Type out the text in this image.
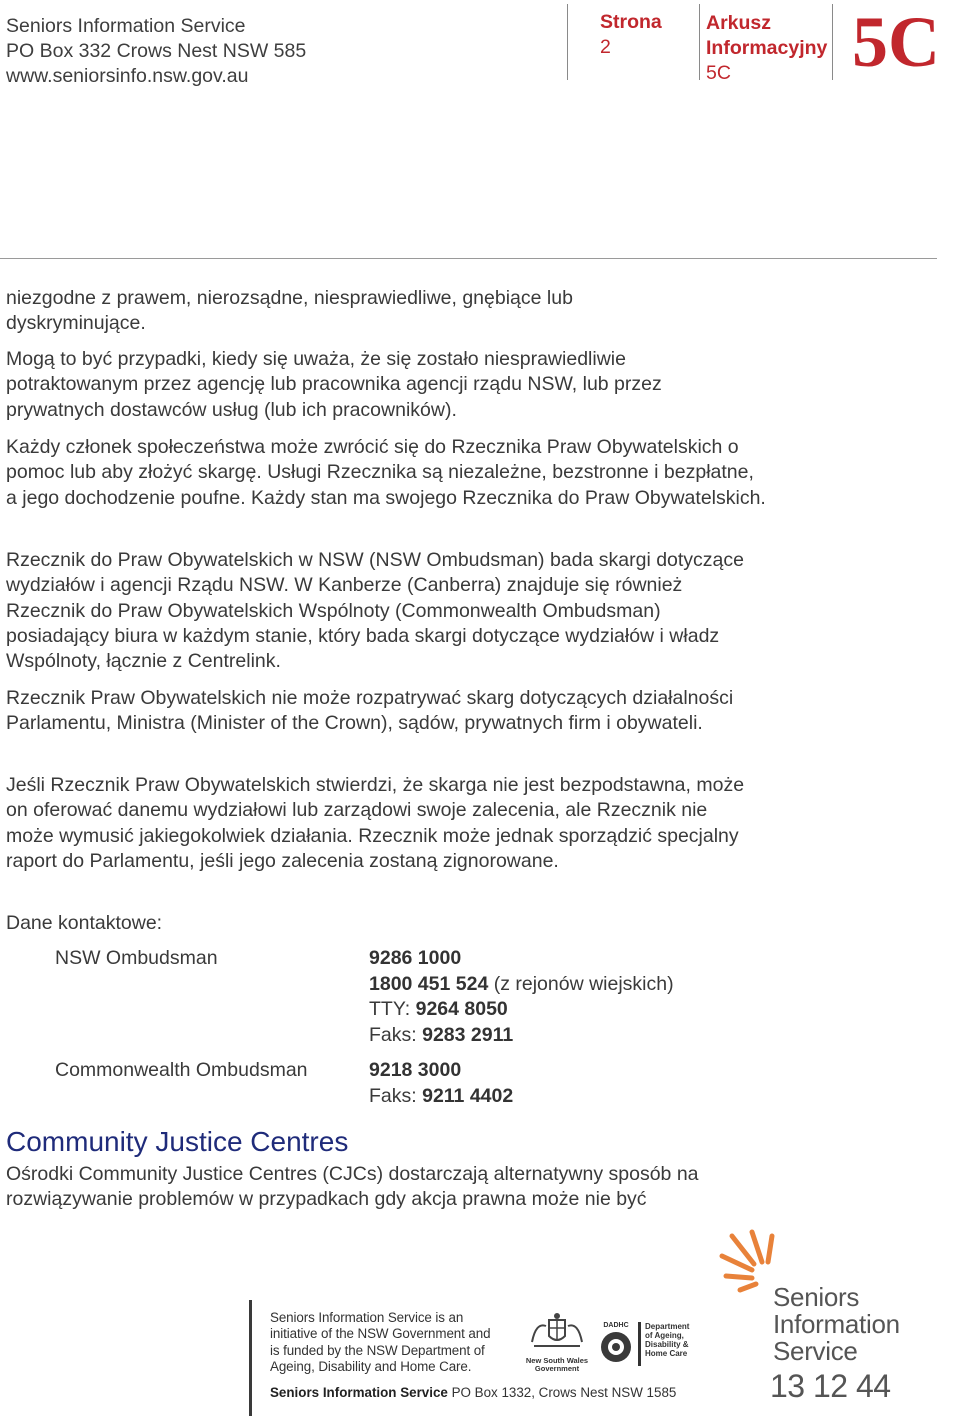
Seniors Information Service
PO Box 332 Crows Nest NSW 585
www.seniorsinfo.nsw.gov.au
Strona
2
Arkusz
Informacyjny
5C	5C

niezgodne z prawem, nierozsądne, niesprawiedliwe, gnębiące lub

dyskryminujące.

Mogą to być przypadki, kiedy się uważa, że się zostało niesprawiedliwie potraktowanym przez agencję lub pracownika agencji rządu NSW, lub przez prywatnych dostawców usług (lub ich pracowników).

Każdy członek społeczeństwa może zwrócić się do Rzecznika Praw Obywatelskich o pomoc lub aby złożyć skargę. Usługi Rzecznika są niezależne, bezstronne i bezpłatne, a jego dochodzenie poufne. Każdy stan ma swojego Rzecznika do Praw Obywatelskich.

Rzecznik do Praw Obywatelskich w NSW (NSW Ombudsman) bada skargi dotyczące wydziałów i agencji Rządu NSW. W Kanberze (Canberra) znajduje się również Rzecznik do Praw Obywatelskich Wspólnoty (Commonwealth Ombudsman) posiadający biura w każdym stanie, który bada skargi dotyczące wydziałów i władz Wspólnoty, łącznie z Centrelink.

Rzecznik Praw Obywatelskich nie może rozpatrywać skarg dotyczących działalności Parlamentu, Ministra (Minister of the Crown), sądów, prywatnych firm i obywateli.

Jeśli Rzecznik Praw Obywatelskich stwierdzi, że skarga nie jest bezpodstawna, może on oferować danemu wydziałowi lub zarządowi swoje zalecenia, ale Rzecznik nie może wymusić jakiegokolwiek działania. Rzecznik może jednak sporządzić specjalny raport do Parlamentu, jeśli jego zalecenia zostaną zignorowane.

Dane kontaktowe:

NSW Ombudsman	9286 1000
1800 451 524 (z rejonów wiejskich)
TTY: 9264 8050
Faks: 9283 2911
Commonwealth Ombudsman	9218 3000
Faks: 9211 4402
Community Justice Centres

Ośrodki Community Justice Centres (CJCs) dostarczają alternatywny sposób na rozwiązywanie problemów w przypadkach gdy akcja prawna może nie być

Seniors Information Service is an
initiative of the NSW Government and
is funded by the NSW Department of
Ageing, Disability and Home Care.
Seniors Information Service PO Box 1332, Crows Nest NSW 1585
New South Wales
Government
DADHC	Department
of Ageing,
Disability &
Home Care
Seniors
Information
Service
13 12 44
